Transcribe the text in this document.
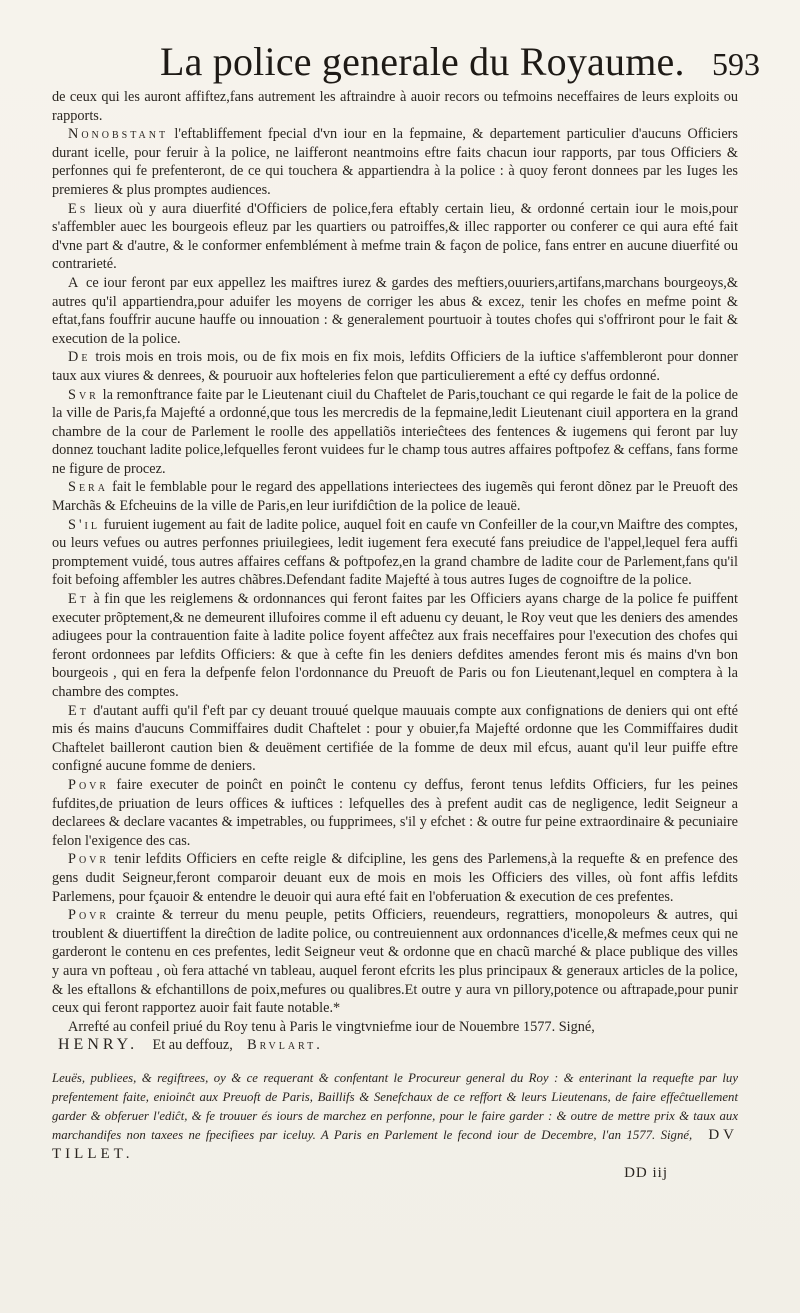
La police generale du Royaume. 593

de ceux qui les auront affiftez,fans autrement les aftraindre à auoir recors ou tefmoins neceffaires de leurs exploits ou rapports.

Nonobstant l'eftabliffement fpecial d'vn iour en la fepmaine, & departement particulier d'aucuns Officiers durant icelle, pour feruir à la police, ne laifferont neantmoins eftre faits chacun iour rapports, par tous Officiers & perfonnes qui fe prefenteront, de ce qui touchera & appartiendra à la police : à quoy feront donnees par les Iuges les premieres & plus promptes audiences.

Es lieux où y aura diuerfité d'Officiers de police,fera eftably certain lieu, & ordonné certain iour le mois,pour s'affembler auec les bourgeois efleuz par les quartiers ou patroiffes,& illec rapporter ou conferer ce qui aura efté fait d'vne part & d'autre, & le conformer enfemblément à mefme train & façon de police, fans entrer en aucune diuerfité ou contrarieté.

A ce iour feront par eux appellez les maiftres iurez & gardes des meftiers,ouuriers,artifans,marchans bourgeoys,& autres qu'il appartiendra,pour aduifer les moyens de corriger les abus & excez, tenir les chofes en mefme point & eftat,fans fouffrir aucune hauffe ou innouation : & generalement pourtuoir à toutes chofes qui s'offriront pour le fait & execution de la police.

De trois mois en trois mois, ou de fix mois en fix mois, lefdits Officiers de la iuftice s'affembleront pour donner taux aux viures & denrees, & pouruoir aux hofteleries felon que particulierement a efté cy deffus ordonné.

Svr la remonftrance faite par le Lieutenant ciuil du Chaftelet de Paris,touchant ce qui regarde le fait de la police de la ville de Paris,fa Majefté a ordonné,que tous les mercredis de la fepmaine,ledit Lieutenant ciuil apportera en la grand chambre de la cour de Parlement le roolle des appellatiõs interieĉtees des fentences & iugemens qui feront par luy donnez touchant ladite police,lefquelles feront vuidees fur le champ tous autres affaires poftpofez & ceffans, fans forme ne figure de procez.

Sera fait le femblable pour le regard des appellations interiectees des iugemẽs qui feront dõnez par le Preuoft des Marchãs & Efcheuins de la ville de Paris,en leur iurifdiĉtion de la police de leauë.

S'il furuient iugement au fait de ladite police, auquel foit en caufe vn Confeiller de la cour,vn Maiftre des comptes, ou leurs vefues ou autres perfonnes priuilegiees, ledit iugement fera executé fans preiudice de l'appel,lequel fera auffi promptement vuidé, tous autres affaires ceffans & poftpofez,en la grand chambre de ladite cour de Parlement,fans qu'il foit befoing affembler les autres chãbres.Defendant fadite Majefté à tous autres Iuges de cognoiftre de la police.

Et à fin que les reiglemens & ordonnances qui feront faites par les Officiers ayans charge de la police fe puiffent executer prõptement,& ne demeurent illufoires comme il eft aduenu cy deuant, le Roy veut que les deniers des amendes adiugees pour la contrauention faite à ladite police foyent affeĉtez aux frais neceffaires pour l'execution des chofes qui feront ordonnees par lefdits Officiers: & que à cefte fin les deniers defdites amendes feront mis és mains d'vn bon bourgeois , qui en fera la defpenfe felon l'ordonnance du Preuoft de Paris ou fon Lieutenant,lequel en comptera à la chambre des comptes.

Et d'autant auffi qu'il f'eft par cy deuant trouué quelque mauuais compte aux confignations de deniers qui ont efté mis és mains d'aucuns Commiffaires dudit Chaftelet : pour y obuier,fa Majefté ordonne que les Commiffaires dudit Chaftelet bailleront caution bien & deuëment certifiée de la fomme de deux mil efcus, auant qu'il leur puiffe eftre configné aucune fomme de deniers.

Povr faire executer de poinĉt en poinĉt le contenu cy deffus, feront tenus lefdits Officiers, fur les peines fufdites,de priuation de leurs offices & iuftices : lefquelles des à prefent audit cas de negligence, ledit Seigneur a declarees & declare vacantes & impetrables, ou fupprimees, s'il y efchet : & outre fur peine extraordinaire & pecuniaire felon l'exigence des cas.

Povr tenir lefdits Officiers en cefte reigle & difcipline, les gens des Parlemens,à la requefte & en prefence des gens dudit Seigneur,feront comparoir deuant eux de mois en mois les Officiers des villes, où font affis lefdits Parlemens, pour fçauoir & entendre le deuoir qui aura efté fait en l'obferuation & execution de ces prefentes.

Povr crainte & terreur du menu peuple, petits Officiers, reuendeurs, regrattiers, monopoleurs & autres, qui troublent & diuertiffent la direĉtion de ladite police, ou contreuiennent aux ordonnances d'icelle,& mefmes ceux qui ne garderont le contenu en ces prefentes, ledit Seigneur veut & ordonne que en chacũ marché & place publique des villes y aura vn pofteau , où fera attaché vn tableau, auquel feront efcrits les plus principaux & generaux articles de la police, & les eftallons & efchantillons de poix,mefures ou qualibres.Et outre y aura vn pillory,potence ou aftrapade,pour punir ceux qui feront rapportez auoir fait faute notable.*

Arrefté au confeil priué du Roy tenu à Paris le vingtvniefme iour de Nouembre 1577. Signé,

HENRY. Et au deffouz, Brvlart.

Leuës, publiees, & regiftrees, oy & ce requerant & confentant le Procureur general du Roy : & enterinant la requefte par luy prefentement faite, enioinĉt aux Preuoft de Paris, Baillifs & Senefchaux de ce reffort & leurs Lieutenans, de faire effeĉtuellement garder & obferuer l'ediĉt, & fe trouuer és iours de marchez en perfonne, pour le faire garder : & outre de mettre prix & taux aux marchandifes non taxees ne fpecifiees par iceluy. A Paris en Parlement le fecond iour de Decembre, l'an 1577. Signé, DV TILLET.

DD iij
